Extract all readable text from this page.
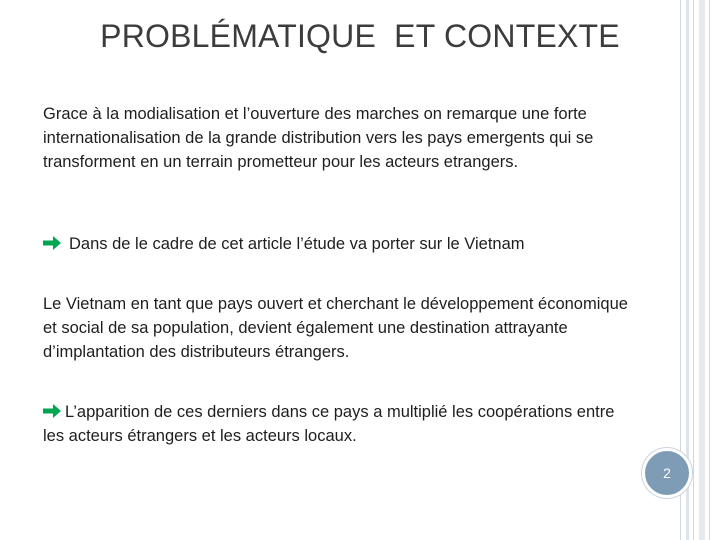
PROBLÉMATIQUE  ET CONTEXTE

Grace à la modialisation et l’ouverture des marches on remarque une forte internationalisation de la grande distribution vers les pays emergents qui se transforment en un terrain prometteur pour les acteurs etrangers.

Dans de le cadre de cet article l’étude va porter sur le Vietnam

Le Vietnam en tant que pays ouvert et cherchant le développement économique et social de sa population, devient également une destination attrayante d’implantation des distributeurs étrangers.

L’apparition de ces derniers dans ce pays a multiplié les coopérations entre les acteurs étrangers et les acteurs locaux.
2
